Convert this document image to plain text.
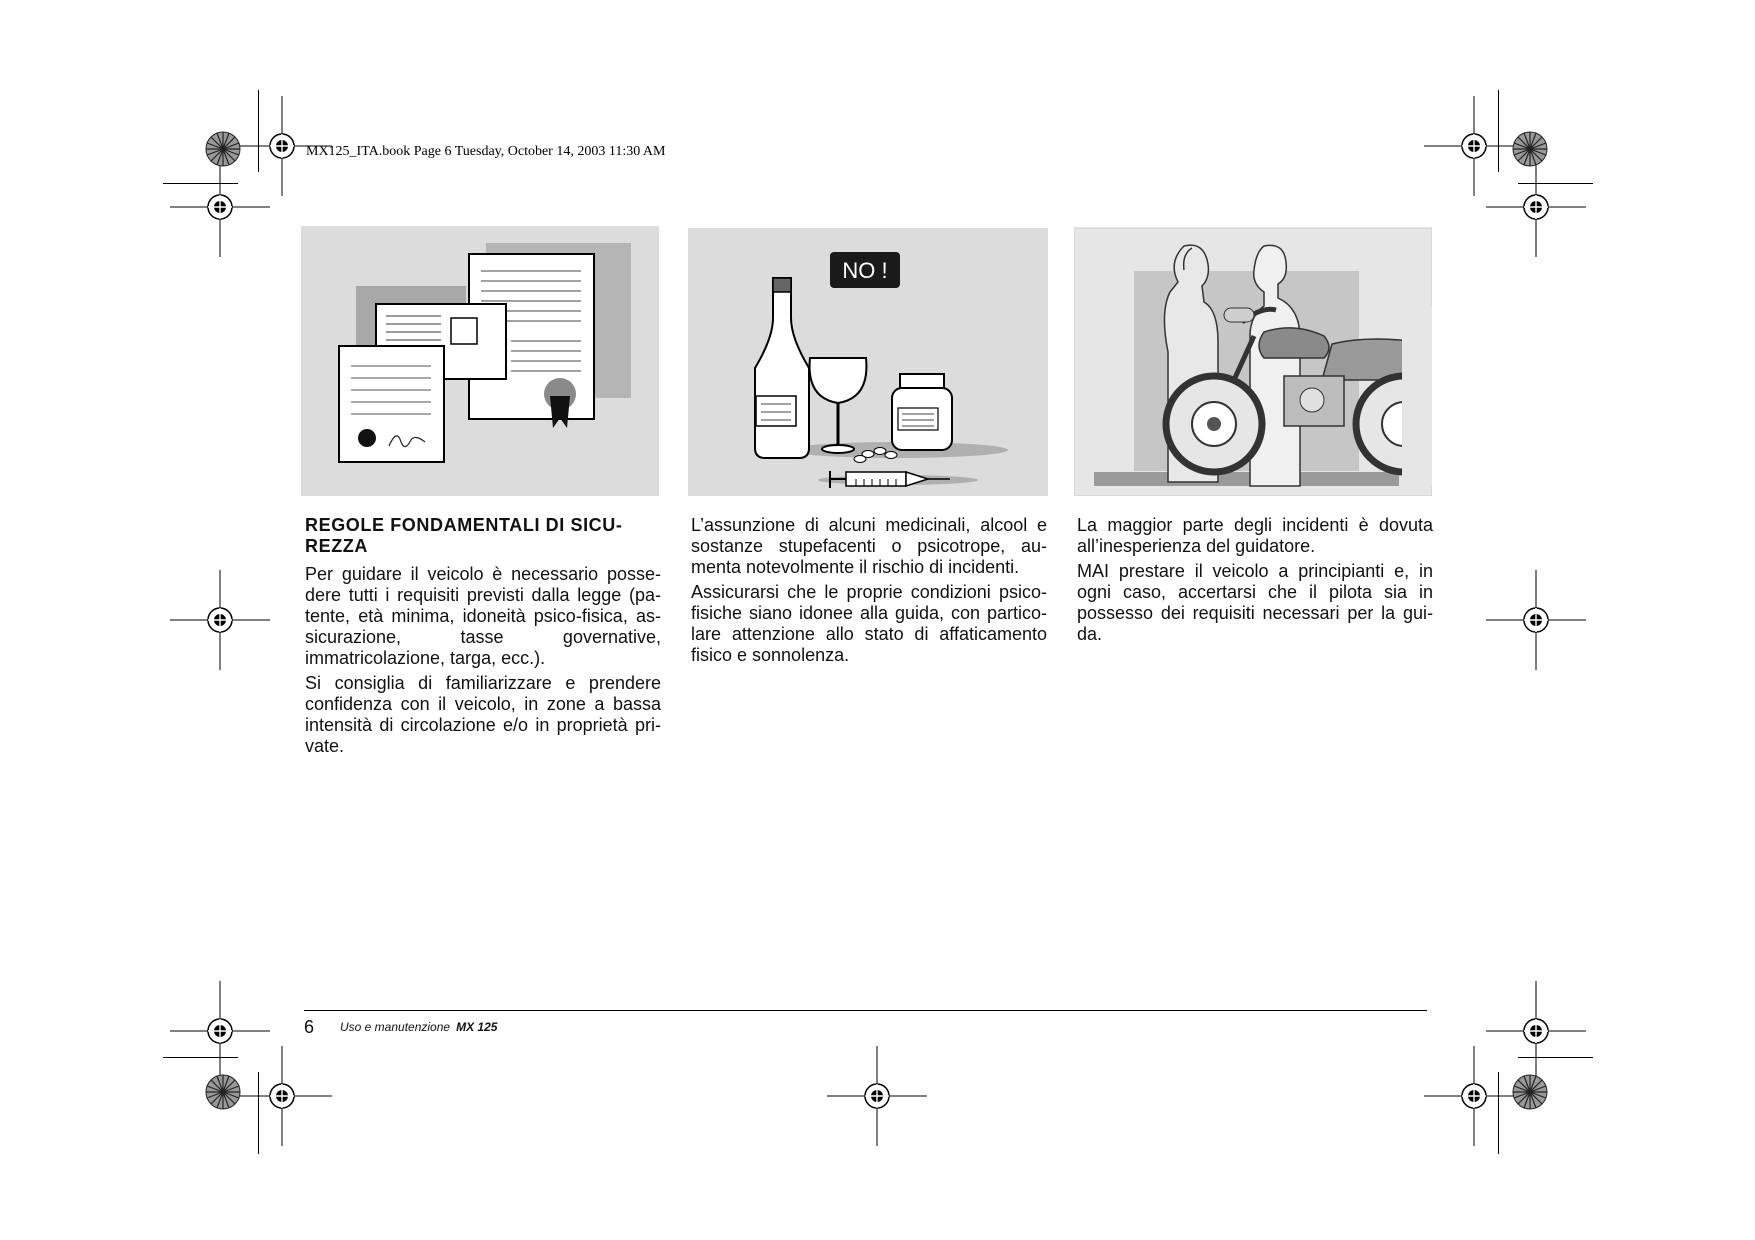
MX125_ITA.book Page 6 Tuesday, October 14, 2003 11:30 AM
NO !
REGOLE FONDAMENTALI DI SICU-REZZA

Per guidare il veicolo è necessario posse-dere tutti i requisiti previsti dalla legge (pa-tente, età minima, idoneità psico-fisica, as-sicurazione, tasse governative, immatricolazione, targa, ecc.).

Si consiglia di familiarizzare e prendere confidenza con il veicolo, in zone a bassa intensità di circolazione e/o in proprietà pri-vate.

L’assunzione di alcuni medicinali, alcool e sostanze stupefacenti o psicotrope, au-menta notevolmente il rischio di incidenti.

Assicurarsi che le proprie condizioni psico-fisiche siano idonee alla guida, con partico-lare attenzione allo stato di affaticamento fisico e sonnolenza.

La maggior parte degli incidenti è dovuta all’inesperienza del guidatore.

MAI prestare il veicolo a principianti e, in ogni caso, accertarsi che il pilota sia in possesso dei requisiti necessari per la gui-da.

6 Uso e manutenzione MX 125
